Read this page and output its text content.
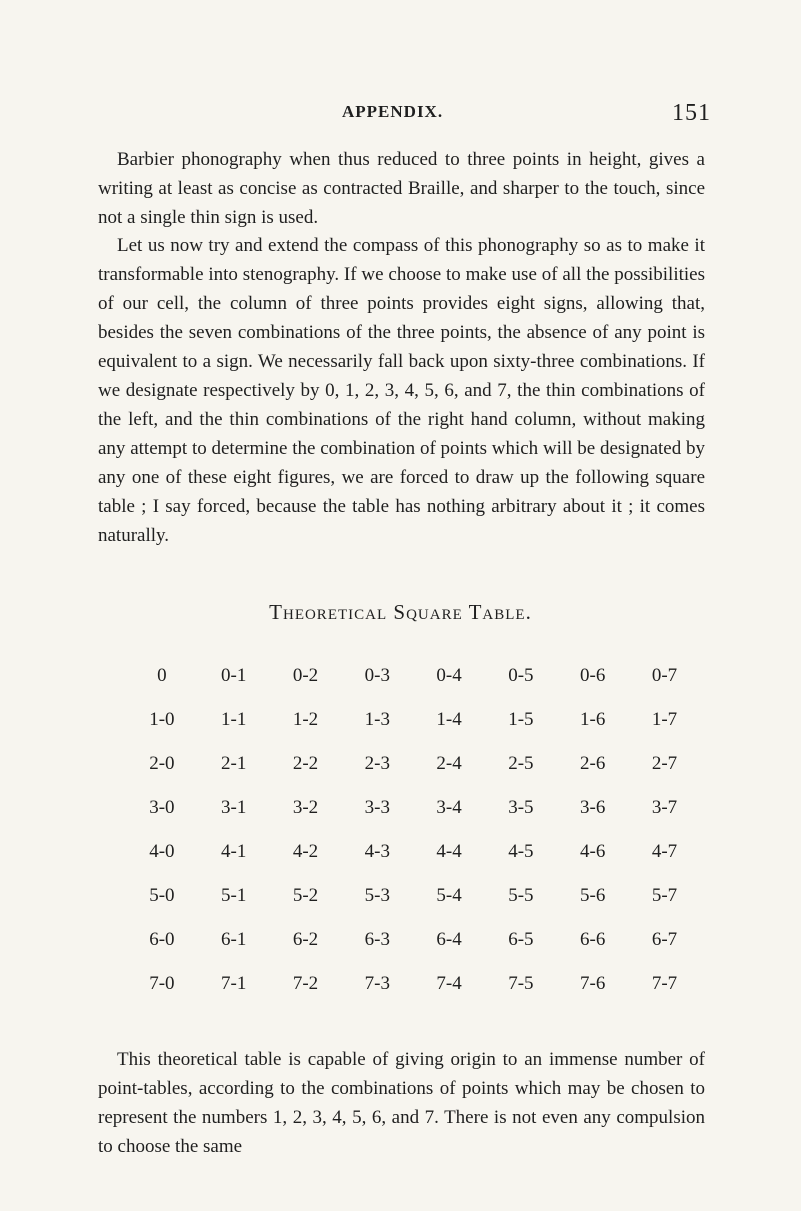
APPENDIX.	151

Barbier phonography when thus reduced to three points in height, gives a writing at least as concise as contracted Braille, and sharper to the touch, since not a single thin sign is used.

Let us now try and extend the compass of this phonography so as to make it transformable into stenography. If we choose to make use of all the possibilities of our cell, the column of three points provides eight signs, allowing that, besides the seven combinations of the three points, the absence of any point is equivalent to a sign. We necessarily fall back upon sixty-three combinations. If we designate respectively by 0, 1, 2, 3, 4, 5, 6, and 7, the thin combinations of the left, and the thin combinations of the right hand column, without making any attempt to determine the combination of points which will be designated by any one of these eight figures, we are forced to draw up the following square table ; I say forced, because the table has nothing arbitrary about it ; it comes naturally.

Theoretical Square Table.
0	0-1	0-2	0-3	0-4	0-5	0-6	0-7
1-0	1-1	1-2	1-3	1-4	1-5	1-6	1-7
2-0	2-1	2-2	2-3	2-4	2-5	2-6	2-7
3-0	3-1	3-2	3-3	3-4	3-5	3-6	3-7
4-0	4-1	4-2	4-3	4-4	4-5	4-6	4-7
5-0	5-1	5-2	5-3	5-4	5-5	5-6	5-7
6-0	6-1	6-2	6-3	6-4	6-5	6-6	6-7
7-0	7-1	7-2	7-3	7-4	7-5	7-6	7-7

This theoretical table is capable of giving origin to an immense number of point-tables, according to the combinations of points which may be chosen to represent the numbers 1, 2, 3, 4, 5, 6, and 7. There is not even any compulsion to choose the same
